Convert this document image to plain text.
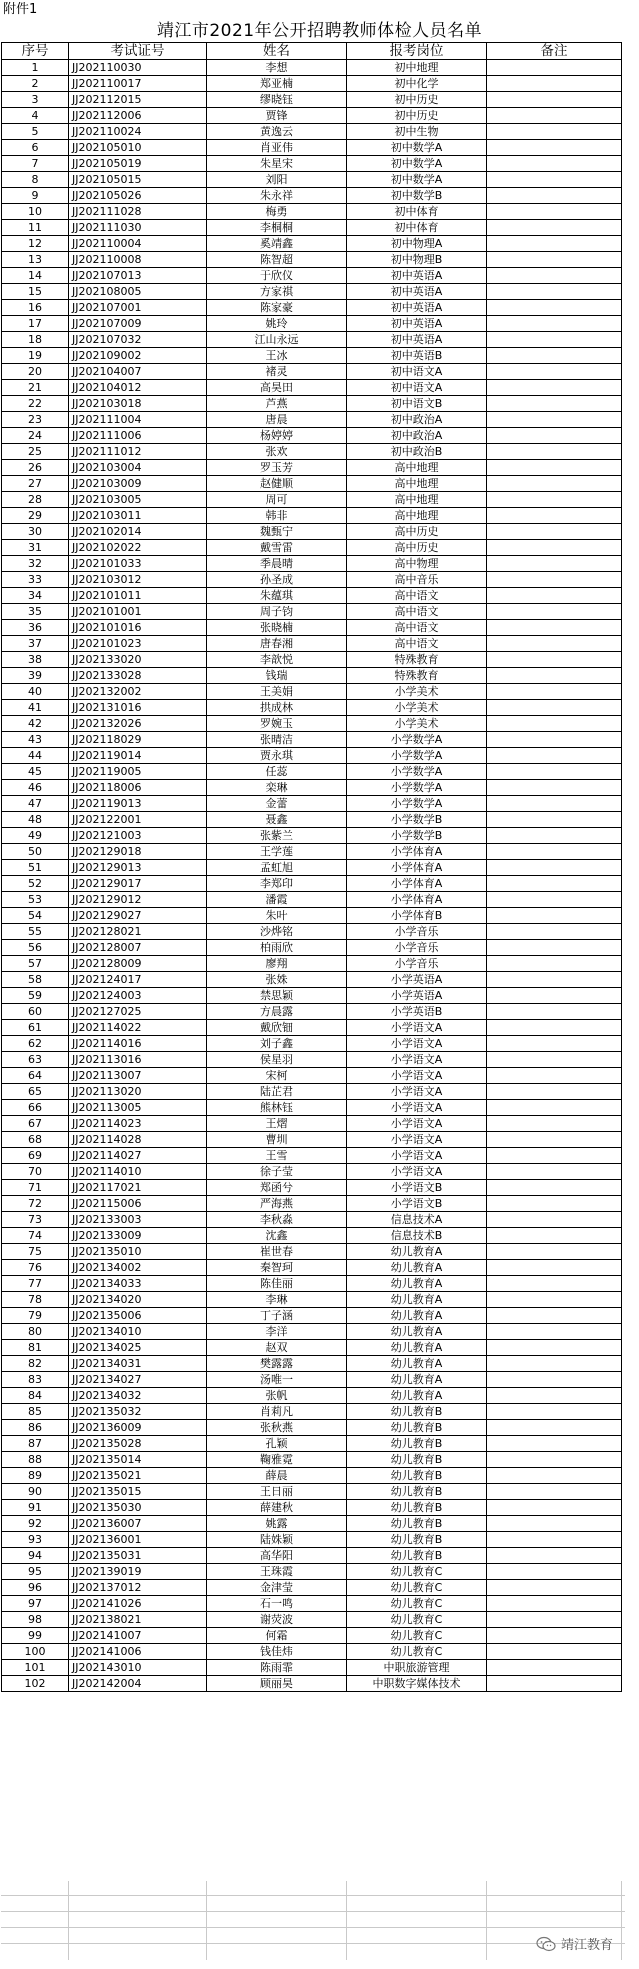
附件1
靖江市2021年公开招聘教师体检人员名单
序号	考试证号	姓名	报考岗位	备注
1	JJ202110030	李想	初中地理	
2	JJ202110017	郑亚楠	初中化学	
3	JJ202112015	缪晓钰	初中历史	
4	JJ202112006	贾锋	初中历史	
5	JJ202110024	黄逸云	初中生物	
6	JJ202105010	肖亚伟	初中数学A	
7	JJ202105019	朱星宋	初中数学A	
8	JJ202105015	刘阳	初中数学A	
9	JJ202105026	朱永祥	初中数学B	
10	JJ202111028	梅勇	初中体育	
11	JJ202111030	李桐桐	初中体育	
12	JJ202110004	奚靖鑫	初中物理A	
13	JJ202110008	陈智超	初中物理B	
14	JJ202107013	于欣仪	初中英语A	
15	JJ202108005	方家祺	初中英语A	
16	JJ202107001	陈家豪	初中英语A	
17	JJ202107009	姚玲	初中英语A	
18	JJ202107032	江山永远	初中英语A	
19	JJ202109002	王冰	初中英语B	
20	JJ202104007	褚灵	初中语文A	
21	JJ202104012	高昊田	初中语文A	
22	JJ202103018	芦燕	初中语文B	
23	JJ202111004	唐晨	初中政治A	
24	JJ202111006	杨婷婷	初中政治A	
25	JJ202111012	张欢	初中政治B	
26	JJ202103004	罗玉芳	高中地理	
27	JJ202103009	赵健顺	高中地理	
28	JJ202103005	周可	高中地理	
29	JJ202103011	韩非	高中地理	
30	JJ202102014	魏甄宁	高中历史	
31	JJ202102022	戴雪雷	高中历史	
32	JJ202101033	季晨晴	高中物理	
33	JJ202103012	孙圣成	高中音乐	
34	JJ202101011	朱蕴琪	高中语文	
35	JJ202101001	周子钧	高中语文	
36	JJ202101016	张晓楠	高中语文	
37	JJ202101023	唐春湘	高中语文	
38	JJ202133020	李歆悦	特殊教育	
39	JJ202133028	钱瑞	特殊教育	
40	JJ202132002	王美娟	小学美术	
41	JJ202131016	拱成林	小学美术	
42	JJ202132026	罗婉玉	小学美术	
43	JJ202118029	张晴洁	小学数学A	
44	JJ202119014	贾永琪	小学数学A	
45	JJ202119005	任蕊	小学数学A	
46	JJ202118006	栾琳	小学数学A	
47	JJ202119013	金蕾	小学数学A	
48	JJ202122001	聂鑫	小学数学B	
49	JJ202121003	张紫兰	小学数学B	
50	JJ202129018	王学莲	小学体育A	
51	JJ202129013	孟虹旭	小学体育A	
52	JJ202129017	李郑印	小学体育A	
53	JJ202129012	潘霞	小学体育A	
54	JJ202129027	朱叶	小学体育B	
55	JJ202128021	沙烨铭	小学音乐	
56	JJ202128007	柏雨欣	小学音乐	
57	JJ202128009	廖翔	小学音乐	
58	JJ202124017	张姝	小学英语A	
59	JJ202124003	禁思颖	小学英语A	
60	JJ202127025	方晨露	小学英语B	
61	JJ202114022	戴欣钿	小学语文A	
62	JJ202114016	刘子鑫	小学语文A	
63	JJ202113016	侯星羽	小学语文A	
64	JJ202113007	宋柯	小学语文A	
65	JJ202113020	陆芷君	小学语文A	
66	JJ202113005	熊林钰	小学语文A	
67	JJ202114023	王熠	小学语文A	
68	JJ202114028	曹圳	小学语文A	
69	JJ202114027	王雪	小学语文A	
70	JJ202114010	徐子莹	小学语文A	
71	JJ202117021	郑函兮	小学语文B	
72	JJ202115006	严海燕	小学语文B	
73	JJ202133003	李秋淼	信息技术A	
74	JJ202133009	沈鑫	信息技术B	
75	JJ202135010	崔世春	幼儿教育A	
76	JJ202134002	秦智珂	幼儿教育A	
77	JJ202134033	陈佳丽	幼儿教育A	
78	JJ202134020	李琳	幼儿教育A	
79	JJ202135006	丁子涵	幼儿教育A	
80	JJ202134010	李洋	幼儿教育A	
81	JJ202134025	赵双	幼儿教育A	
82	JJ202134031	樊露露	幼儿教育A	
83	JJ202134027	汤唯一	幼儿教育A	
84	JJ202134032	张帆	幼儿教育A	
85	JJ202135032	肖莉凡	幼儿教育B	
86	JJ202136009	张秋燕	幼儿教育B	
87	JJ202135028	孔颖	幼儿教育B	
88	JJ202135014	鞠雅霓	幼儿教育B	
89	JJ202135021	薛晨	幼儿教育B	
90	JJ202135015	王日丽	幼儿教育B	
91	JJ202135030	薛建秋	幼儿教育B	
92	JJ202136007	姚露	幼儿教育B	
93	JJ202136001	陆姝颖	幼儿教育B	
94	JJ202135031	高华阳	幼儿教育B	
95	JJ202139019	王珠霞	幼儿教育C	
96	JJ202137012	金津莹	幼儿教育C	
97	JJ202141026	石一鸣	幼儿教育C	
98	JJ202138021	谢荧波	幼儿教育C	
99	JJ202141007	何霜	幼儿教育C	
100	JJ202141006	钱佳炜	幼儿教育C	
101	JJ202143010	陈雨霏	中职旅游管理	
102	JJ202142004	顾丽昊	中职数字媒体技术	
靖江教育
